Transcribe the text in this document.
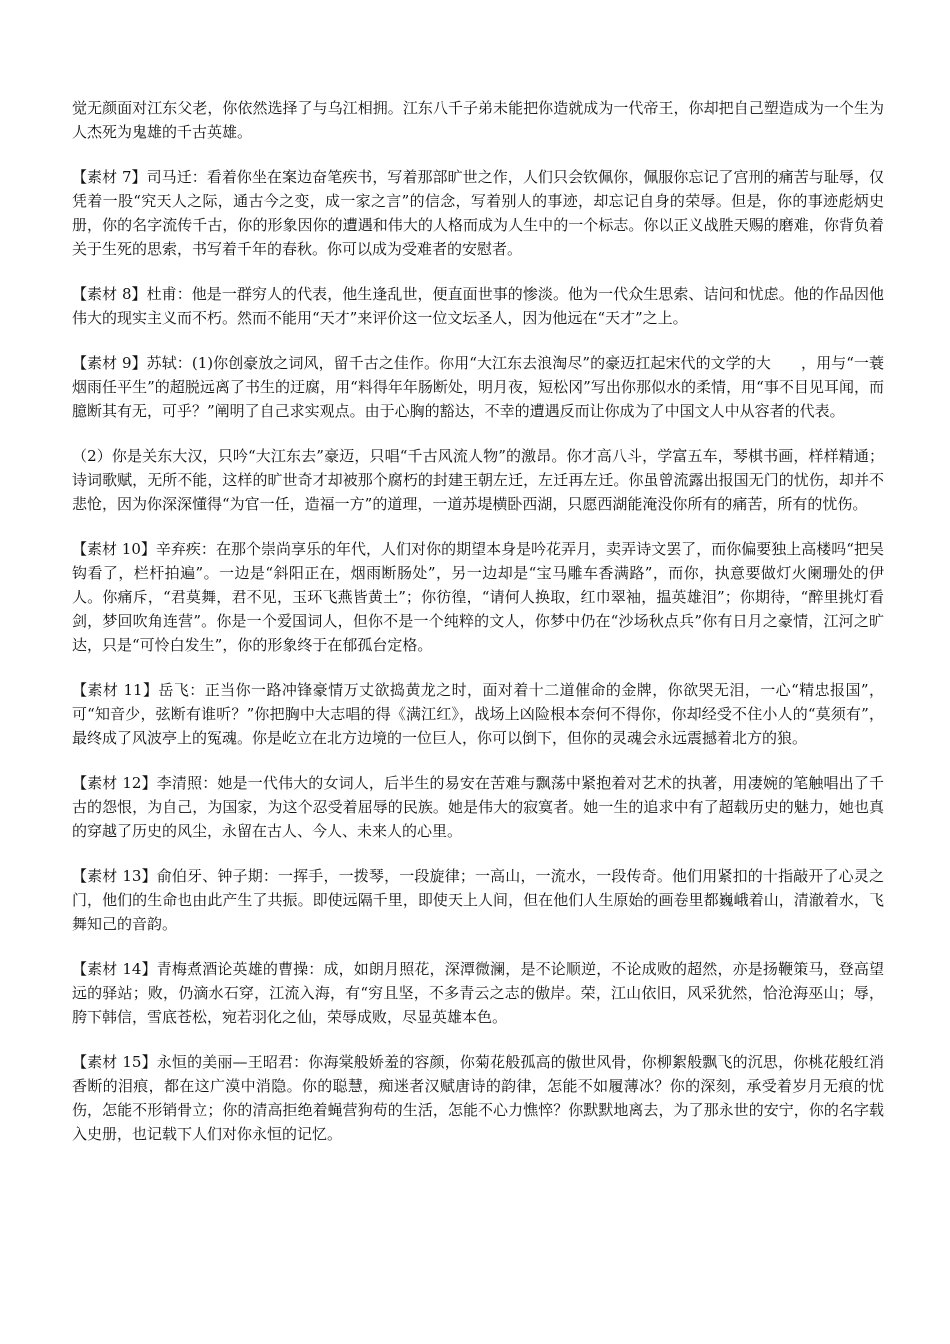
觉无颜面对江东父老，你依然选择了与乌江相拥。江东八千子弟未能把你造就成为一代帝王，你却把自己塑造成为一个生为人杰死为鬼雄的千古英雄。

【素材 7】司马迁：看着你坐在案边奋笔疾书，写着那部旷世之作，人们只会钦佩你，佩服你忘记了宫刑的痛苦与耻辱，仅凭着一股“究天人之际，通古今之变，成一家之言”的信念，写着别人的事迹，却忘记自身的荣辱。但是，你的事迹彪炳史册，你的名字流传千古，你的形象因你的遭遇和伟大的人格而成为人生中的一个标志。你以正义战胜天赐的磨难，你背负着关于生死的思索，书写着千年的春秋。你可以成为受难者的安慰者。

【素材 8】杜甫：他是一群穷人的代表，他生逢乱世，便直面世事的惨淡。他为一代众生思索、诘问和忧虑。他的作品因他伟大的现实主义而不朽。然而不能用“天才”来评价这一位文坛圣人，因为他远在“天才”之上。

【素材 9】苏轼：(1)你创豪放之词风，留千古之佳作。你用“大江东去浪淘尽”的豪迈扛起宋代的文学的大　　，用与“一蓑烟雨任平生”的超脱远离了书生的迂腐，用“料得年年肠断处，明月夜，短松冈”写出你那似水的柔情，用“事不目见耳闻，而臆断其有无，可乎？”阐明了自己求实观点。由于心胸的豁达，不幸的遭遇反而让你成为了中国文人中从容者的代表。

（2）你是关东大汉，只吟“大江东去”豪迈，只唱“千古风流人物”的激昂。你才高八斗，学富五车，琴棋书画，样样精通；诗词歌赋，无所不能，这样的旷世奇才却被那个腐朽的封建王朝左迁，左迁再左迁。你虽曾流露出报国无门的忧伤，却并不悲怆，因为你深深懂得“为官一任，造福一方”的道理，一道苏堤横卧西湖，只愿西湖能淹没你所有的痛苦，所有的忧伤。

【素材 10】辛弃疾：在那个崇尚享乐的年代，人们对你的期望本身是吟花弄月，卖弄诗文罢了，而你偏要独上高楼吗“把吴钩看了，栏杆拍遍”。一边是“斜阳正在，烟雨断肠处”，另一边却是“宝马雕车香满路”，而你，执意要做灯火阑珊处的伊人。你痛斥，“君莫舞，君不见，玉环飞燕皆黄土”；你彷徨，“请何人换取，红巾翠袖，揾英雄泪”；你期待，“醉里挑灯看剑，梦回吹角连营”。你是一个爱国词人，但你不是一个纯粹的文人，你梦中仍在“沙场秋点兵”你有日月之豪情，江河之旷达，只是“可怜白发生”，你的形象终于在郁孤台定格。

【素材 11】岳飞：正当你一路冲锋豪情万丈欲捣黄龙之时，面对着十二道催命的金牌，你欲哭无泪，一心“精忠报国”，可“知音少，弦断有谁听？”你把胸中大志唱的得《满江红》，战场上凶险根本奈何不得你，你却经受不住小人的“莫须有”，最终成了风波亭上的冤魂。你是屹立在北方边境的一位巨人，你可以倒下，但你的灵魂会永远震撼着北方的狼。

【素材 12】李清照：她是一代伟大的女词人，后半生的易安在苦难与飘荡中紧抱着对艺术的执著，用凄婉的笔触唱出了千古的怨恨，为自己，为国家，为这个忍受着屈辱的民族。她是伟大的寂寞者。她一生的追求中有了超载历史的魅力，她也真的穿越了历史的风尘，永留在古人、今人、未来人的心里。

【素材 13】俞伯牙、钟子期：一挥手，一拨琴，一段旋律；一高山，一流水，一段传奇。他们用紧扣的十指敲开了心灵之门，他们的生命也由此产生了共振。即使远隔千里，即使天上人间，但在他们人生原始的画卷里都巍峨着山，清澈着水，飞舞知己的音韵。

【素材 14】青梅煮酒论英雄的曹操：成，如朗月照花，深潭微澜，是不论顺逆，不论成败的超然，亦是扬鞭策马，登高望远的驿站；败，仍滴水石穿，江流入海，有“穷且坚，不多青云之志的傲岸。荣，江山依旧，风采犹然，恰沧海巫山；辱，胯下韩信，雪底苍松，宛若羽化之仙，荣辱成败，尽显英雄本色。

【素材 15】永恒的美丽—王昭君：你海棠般娇羞的容颜，你菊花般孤高的傲世风骨，你柳絮般飘飞的沉思，你桃花般红消香断的泪痕，都在这广漠中消隐。你的聪慧，痴迷者汉赋唐诗的韵律，怎能不如履薄冰？你的深刻，承受着岁月无痕的忧伤，怎能不形销骨立；你的清高拒绝着蝇营狗苟的生活，怎能不心力憔悴？你默默地离去，为了那永世的安宁，你的名字载入史册，也记载下人们对你永恒的记忆。
